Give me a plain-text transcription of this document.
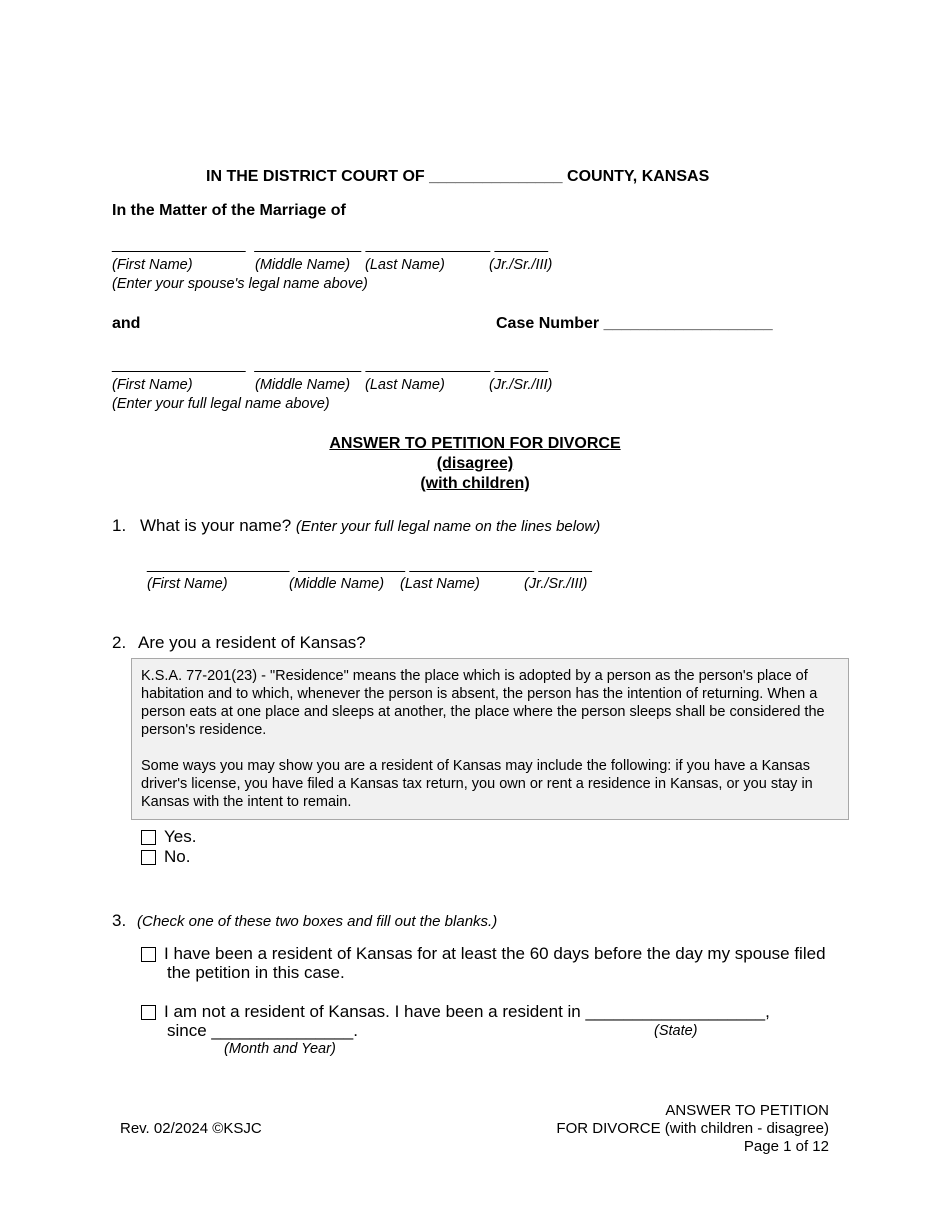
IN THE DISTRICT COURT OF _______________ COUNTY, KANSAS
In the Matter of the Marriage of
_______________  ____________ ______________ ______
(First Name)	(Middle Name) (Last Name)	(Jr./Sr./III)
(Enter your spouse's legal name above)
and	Case Number ___________________
_______________  ____________ ______________ ______
(First Name)	(Middle Name) (Last Name)	(Jr./Sr./III)
(Enter your full legal name above)
ANSWER TO PETITION FOR DIVORCE
(disagree)
(with children)
1. What is your name? (Enter your full legal name on the lines below)
________________  ____________ ______________ ______
(First Name)	(Middle Name) (Last Name)	(Jr./Sr./III)
2. Are you a resident of Kansas?

K.S.A. 77-201(23) - "Residence" means the place which is adopted by a person as the person's place of habitation and to which, whenever the person is absent, the person has the intention of returning. When a person eats at one place and sleeps at another, the place where the person sleeps shall be considered the person's residence.

Some ways you may show you are a resident of Kansas may include the following: if you have a Kansas driver's license, you have filed a Kansas tax return, you own or rent a residence in Kansas, or you stay in Kansas with the intent to remain.

Yes.
No.
3. (Check one of these two boxes and fill out the blanks.)
I have been a resident of Kansas for at least the 60 days before the day my spouse filed
the petition in this case.
I am not a resident of Kansas. I have been a resident in ___________________,
since _______________.	(State)
(Month and Year)
Rev. 02/2024 ©KSJC
ANSWER TO PETITION
FOR DIVORCE (with children - disagree)
Page 1 of 12
